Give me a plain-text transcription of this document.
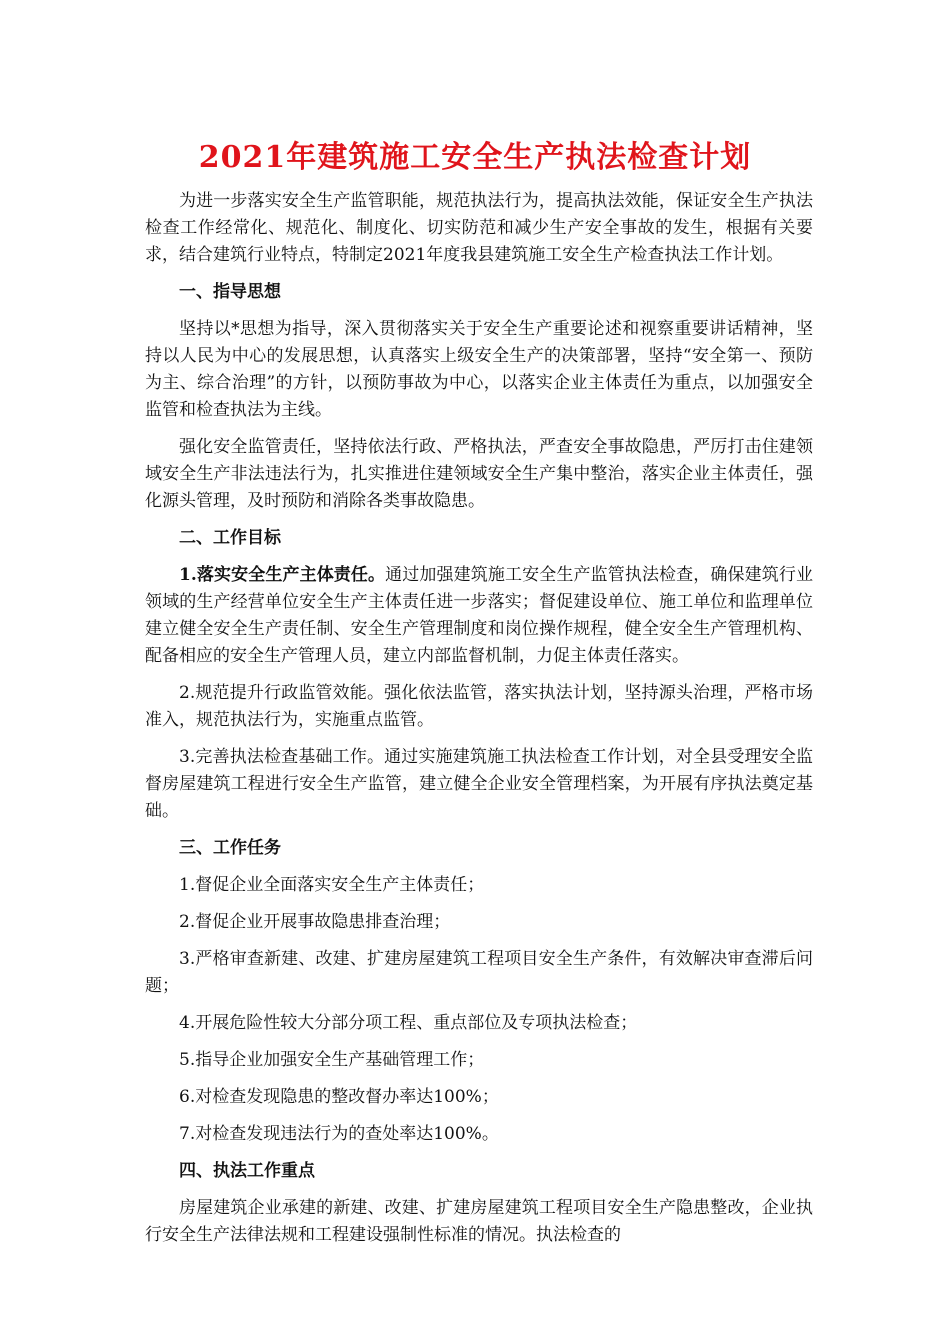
2021年建筑施工安全生产执法检查计划

为进一步落实安全生产监管职能，规范执法行为，提高执法效能，保证安全生产执法检查工作经常化、规范化、制度化、切实防范和减少生产安全事故的发生，根据有关要求，结合建筑行业特点，特制定2021年度我县建筑施工安全生产检查执法工作计划。

一、指导思想

坚持以*思想为指导，深入贯彻落实关于安全生产重要论述和视察重要讲话精神，坚持以人民为中心的发展思想，认真落实上级安全生产的决策部署，坚持“安全第一、预防为主、综合治理”的方针，以预防事故为中心，以落实企业主体责任为重点，以加强安全监管和检查执法为主线。

强化安全监管责任，坚持依法行政、严格执法，严查安全事故隐患，严厉打击住建领域安全生产非法违法行为，扎实推进住建领域安全生产集中整治，落实企业主体责任，强化源头管理，及时预防和消除各类事故隐患。

二、工作目标

1.落实安全生产主体责任。通过加强建筑施工安全生产监管执法检查，确保建筑行业领域的生产经营单位安全生产主体责任进一步落实；督促建设单位、施工单位和监理单位建立健全安全生产责任制、安全生产管理制度和岗位操作规程，健全安全生产管理机构、配备相应的安全生产管理人员，建立内部监督机制，力促主体责任落实。

2.规范提升行政监管效能。强化依法监管，落实执法计划，坚持源头治理，严格市场准入，规范执法行为，实施重点监管。

3.完善执法检查基础工作。通过实施建筑施工执法检查工作计划，对全县受理安全监督房屋建筑工程进行安全生产监管，建立健全企业安全管理档案，为开展有序执法奠定基础。

三、工作任务

1.督促企业全面落实安全生产主体责任；

2.督促企业开展事故隐患排查治理；

3.严格审查新建、改建、扩建房屋建筑工程项目安全生产条件，有效解决审查滞后问题；

4.开展危险性较大分部分项工程、重点部位及专项执法检查；

5.指导企业加强安全生产基础管理工作；

6.对检查发现隐患的整改督办率达100%；

7.对检查发现违法行为的查处率达100%。

四、执法工作重点

房屋建筑企业承建的新建、改建、扩建房屋建筑工程项目安全生产隐患整改，企业执行安全生产法律法规和工程建设强制性标准的情况。执法检查的
